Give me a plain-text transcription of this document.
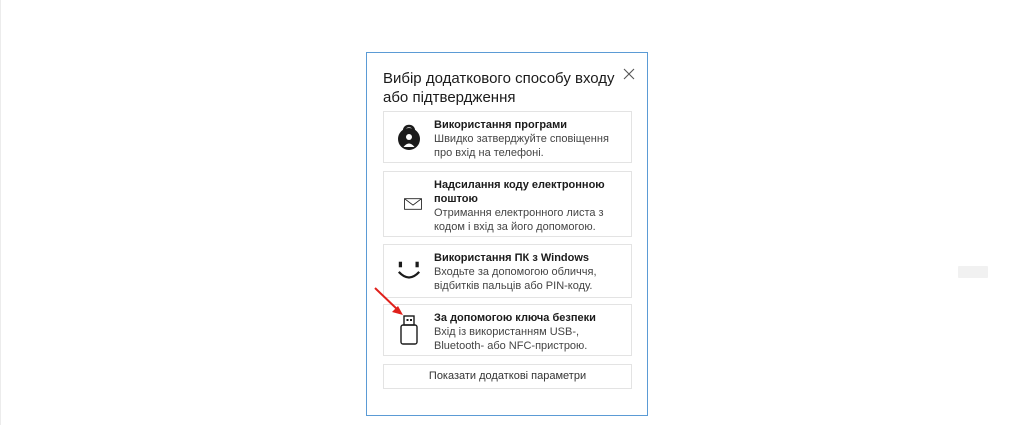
Вибір додаткового способу входу або підтвердження
Використання програми
Швидко затверджуйте сповіщення про вхід на телефоні.
Надсилання коду електронною поштою
Отримання електронного листа з кодом і вхід за його допомогою.
Використання ПК з Windows
Входьте за допомогою обличчя, відбитків пальців або PIN-коду.
За допомогою ключа безпеки
Вхід із використанням USB-, Bluetooth- або NFC-пристрою.
Показати додаткові параметри
